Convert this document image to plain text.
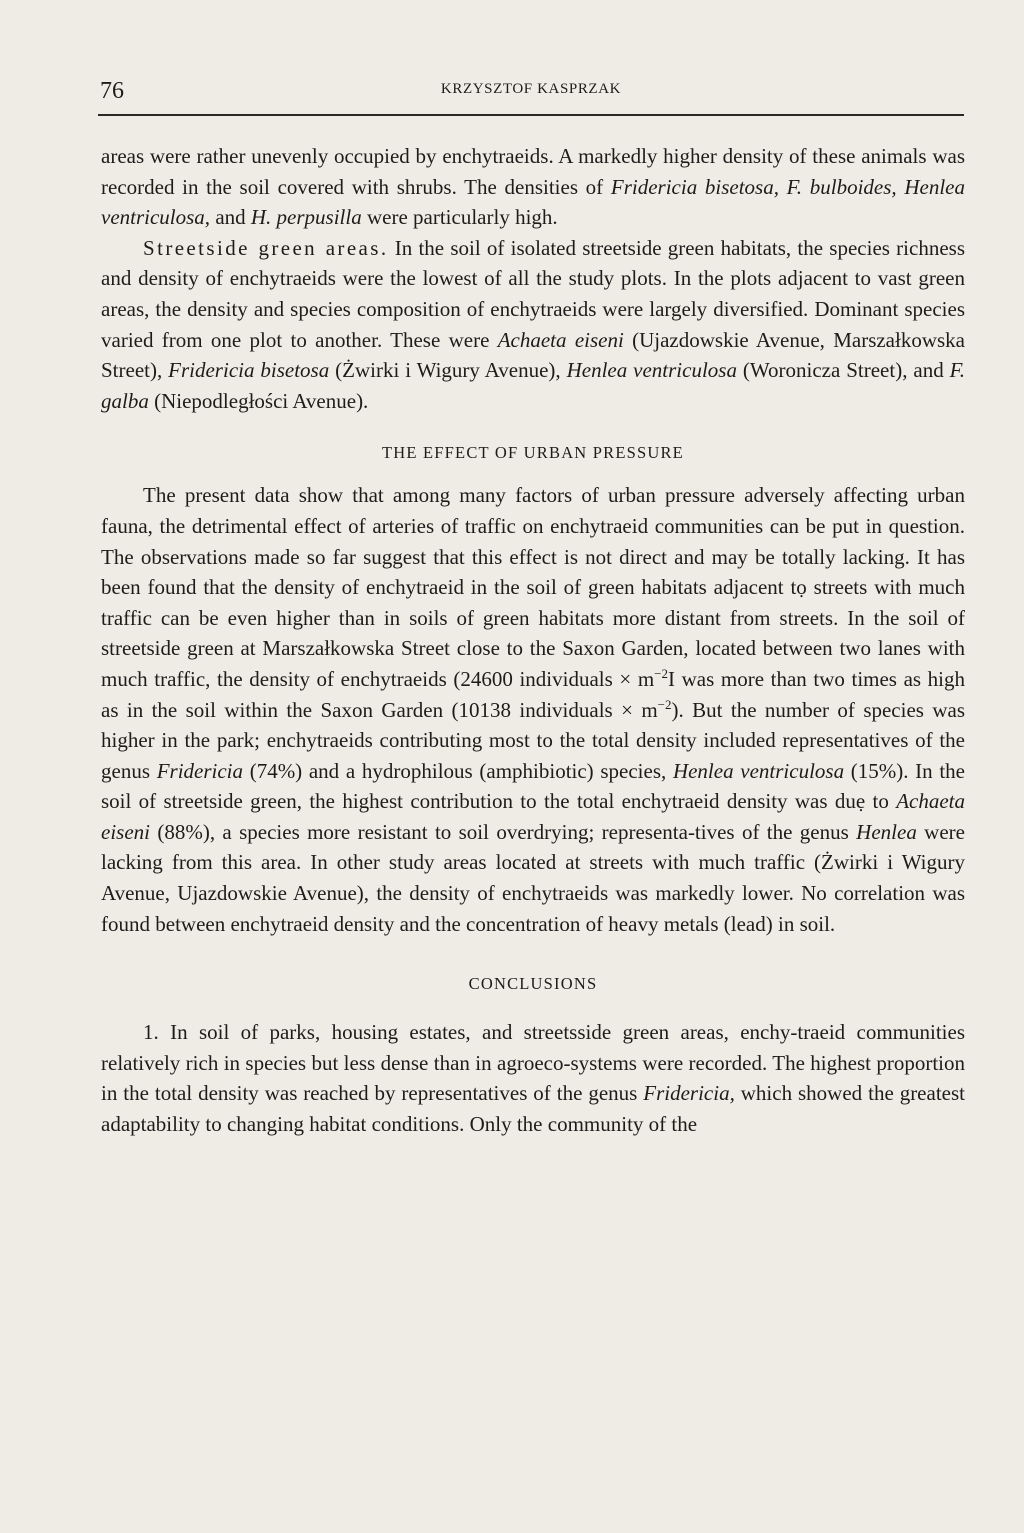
76	KRZYSZTOF KASPRZAK

areas were rather unevenly occupied by enchytraeids. A markedly higher density of these animals was recorded in the soil covered with shrubs. The densities of Fridericia bisetosa, F. bulboides, Henlea ventriculosa, and H. perpusilla were particularly high.

Streetside green areas. In the soil of isolated streetside green habitats, the species richness and density of enchytraeids were the lowest of all the study plots. In the plots adjacent to vast green areas, the density and species composition of enchytraeids were largely diversified. Dominant species varied from one plot to another. These were Achaeta eiseni (Ujazdowskie Avenue, Marszałkowska Street), Fridericia bisetosa (Żwirki i Wigury Avenue), Henlea ventriculosa (Woronicza Street), and F. galba (Niepodległości Avenue).

THE EFFECT OF URBAN PRESSURE

The present data show that among many factors of urban pressure adversely affecting urban fauna, the detrimental effect of arteries of traffic on enchytraeid communities can be put in question. The observations made so far suggest that this effect is not direct and may be totally lacking. It has been found that the density of enchytraeid in the soil of green habitats adjacent tọ streets with much traffic can be even higher than in soils of green habitats more distant from streets. In the soil of streetside green at Marszałkowska Street close to the Saxon Garden, located between two lanes with much traffic, the density of enchytraeids (24600 individuals × $m^{-2}I$ was more than two times as high as in the soil within the Saxon Garden (10138 individuals × $m^{-2}$). But the number of species was higher in the park; enchytraeids contributing most to the total density included representatives of the genus Fridericia (74%) and a hydrophilous (amphibiotic) species, Henlea ventriculosa (15%). In the soil of streetside green, the highest contribution to the total enchytraeid density was duẹ to Achaeta eiseni (88%), a species more resistant to soil overdrying; representa-tives of the genus Henlea were lacking from this area. In other study areas located at streets with much traffic (Żwirki i Wigury Avenue, Ujazdowskie Avenue), the density of enchytraeids was markedly lower. No correlation was found between enchytraeid density and the concentration of heavy metals (lead) in soil.

CONCLUSIONS

1. In soil of parks, housing estates, and streetsside green areas, enchy-traeid communities relatively rich in species but less dense than in agroeco-systems were recorded. The highest proportion in the total density was reached by representatives of the genus Fridericia, which showed the greatest adaptability to changing habitat conditions. Only the community of the
